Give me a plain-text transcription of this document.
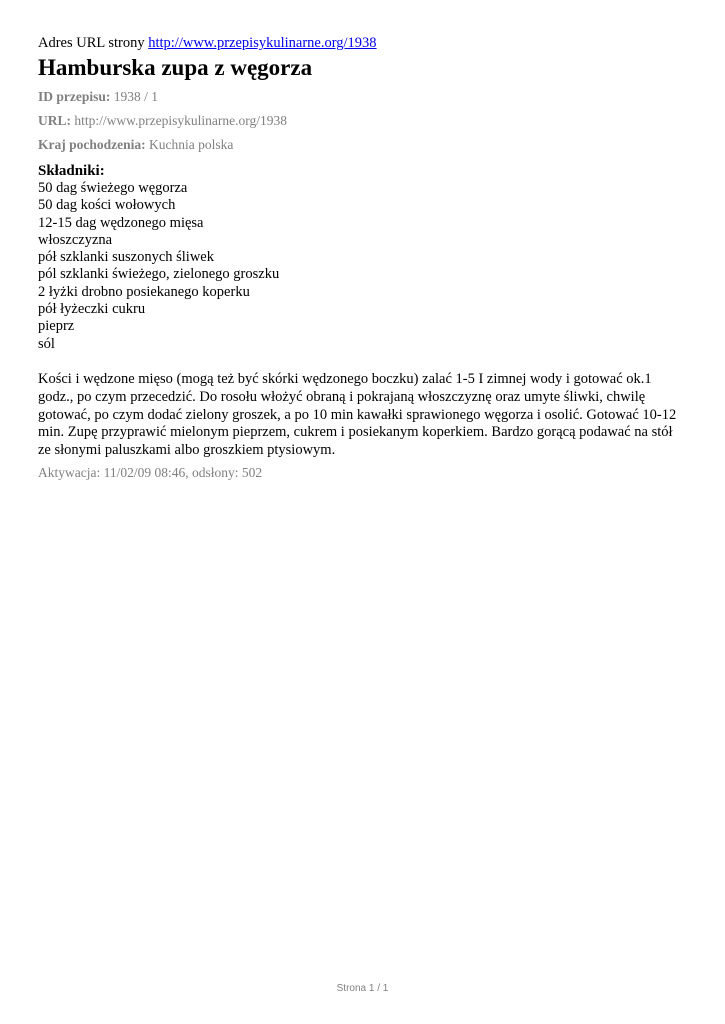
Adres URL strony http://www.przepisykulinarne.org/1938
Hamburska zupa z węgorza
ID przepisu: 1938 / 1
URL: http://www.przepisykulinarne.org/1938
Kraj pochodzenia: Kuchnia polska
Składniki:
50 dag świeżego węgorza
50 dag kości wołowych
12-15 dag wędzonego mięsa
włoszczyzna
pół szklanki suszonych śliwek
pól szklanki świeżego, zielonego groszku
2 łyżki drobno posiekanego koperku
pół łyżeczki cukru
pieprz
sól

Kości i wędzone mięso (mogą też być skórki wędzonego boczku) zalać 1-5 I zimnej wody i gotować ok.1 godz., po czym przecedzić. Do rosołu włożyć obraną i pokrajaną włoszczyznę oraz umyte śliwki, chwilę gotować, po czym dodać zielony groszek, a po 10 min kawałki sprawionego węgorza i osolić. Gotować 10-12 min. Zupę przyprawić mielonym pieprzem, cukrem i posiekanym koperkiem. Bardzo gorącą podawać na stół ze słonymi paluszkami albo groszkiem ptysiowym.

Aktywacja: 11/02/09 08:46, odsłony: 502
Strona 1 / 1
